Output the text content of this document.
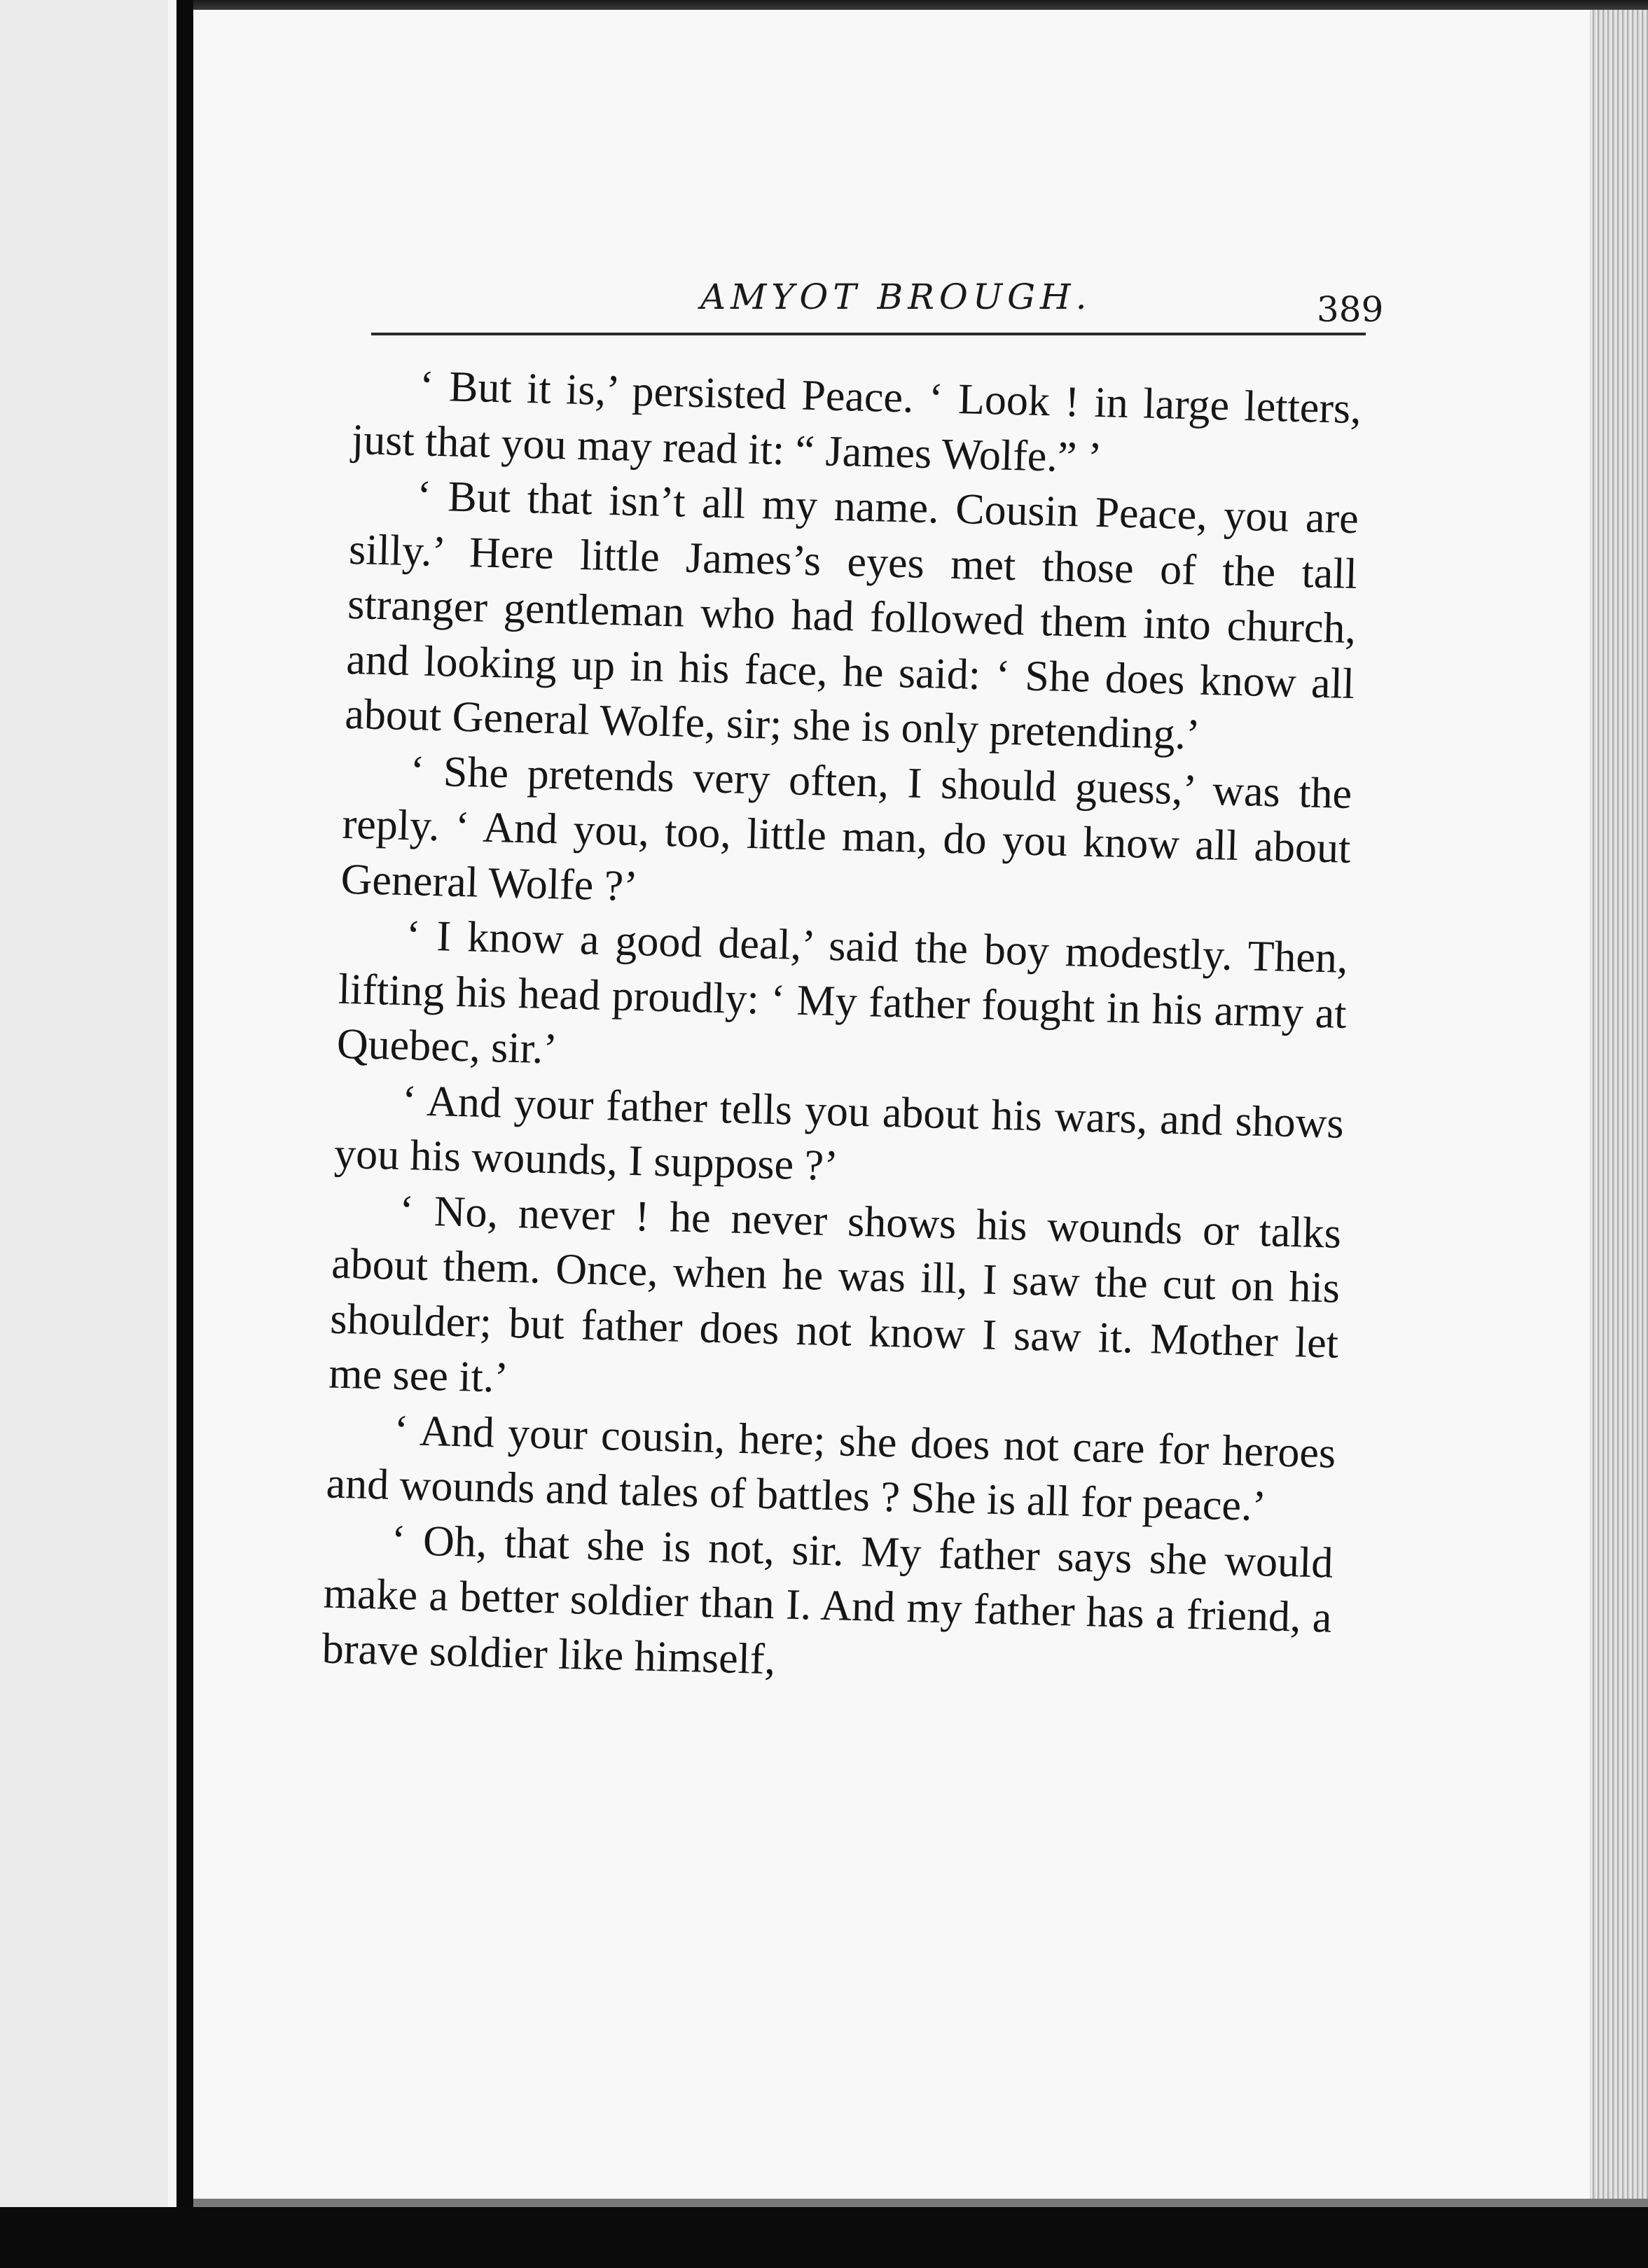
AMYOT BROUGH.	389

‘ But it is,’ persisted Peace. ‘ Look ! in large letters, just that you may read it: “ James Wolfe.” ’

‘ But that isn’t all my name. Cousin Peace, you are silly.’ Here little James’s eyes met those of the tall stranger gentleman who had followed them into church, and looking up in his face, he said: ‘ She does know all about General Wolfe, sir; she is only pretending.’

‘ She pretends very often, I should guess,’ was the reply. ‘ And you, too, little man, do you know all about General Wolfe ?’

‘ I know a good deal,’ said the boy modestly. Then, lifting his head proudly: ‘ My father fought in his army at Quebec, sir.’

‘ And your father tells you about his wars, and shows you his wounds, I suppose ?’

‘ No, never ! he never shows his wounds or talks about them. Once, when he was ill, I saw the cut on his shoulder; but father does not know I saw it. Mother let me see it.’

‘ And your cousin, here; she does not care for heroes and wounds and tales of battles ? She is all for peace.’

‘ Oh, that she is not, sir. My father says she would make a better soldier than I. And my father has a friend, a brave soldier like himself,
